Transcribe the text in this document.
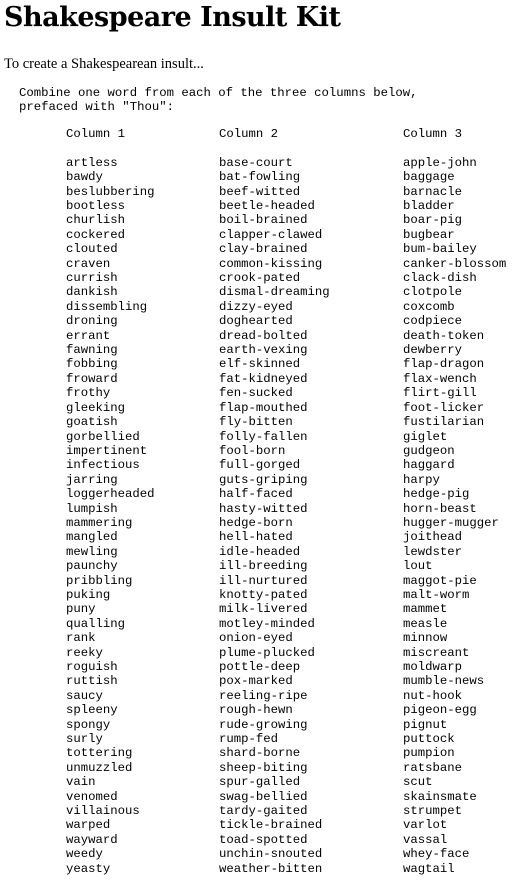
Shakespeare Insult Kit

To create a Shakespearean insult...

Combine one word from each of the three columns below,
prefaced with "Thou":
Column 1
artless
bawdy
beslubbering
bootless
churlish
cockered
clouted
craven
currish
dankish
dissembling
droning
errant
fawning
fobbing
froward
frothy
gleeking
goatish
gorbellied
impertinent
infectious
jarring
loggerheaded
lumpish
mammering
mangled
mewling
paunchy
pribbling
puking
puny
qualling
rank
reeky
roguish
ruttish
saucy
spleeny
spongy
surly
tottering
unmuzzled
vain
venomed
villainous
warped
wayward
weedy
yeasty
Column 2
base-court
bat-fowling
beef-witted
beetle-headed
boil-brained
clapper-clawed
clay-brained
common-kissing
crook-pated
dismal-dreaming
dizzy-eyed
doghearted
dread-bolted
earth-vexing
elf-skinned
fat-kidneyed
fen-sucked
flap-mouthed
fly-bitten
folly-fallen
fool-born
full-gorged
guts-griping
half-faced
hasty-witted
hedge-born
hell-hated
idle-headed
ill-breeding
ill-nurtured
knotty-pated
milk-livered
motley-minded
onion-eyed
plume-plucked
pottle-deep
pox-marked
reeling-ripe
rough-hewn
rude-growing
rump-fed
shard-borne
sheep-biting
spur-galled
swag-bellied
tardy-gaited
tickle-brained
toad-spotted
unchin-snouted
weather-bitten
Column 3
apple-john
baggage
barnacle
bladder
boar-pig
bugbear
bum-bailey
canker-blossom
clack-dish
clotpole
coxcomb
codpiece
death-token
dewberry
flap-dragon
flax-wench
flirt-gill
foot-licker
fustilarian
giglet
gudgeon
haggard
harpy
hedge-pig
horn-beast
hugger-mugger
joithead
lewdster
lout
maggot-pie
malt-worm
mammet
measle
minnow
miscreant
moldwarp
mumble-news
nut-hook
pigeon-egg
pignut
puttock
pumpion
ratsbane
scut
skainsmate
strumpet
varlot
vassal
whey-face
wagtail
